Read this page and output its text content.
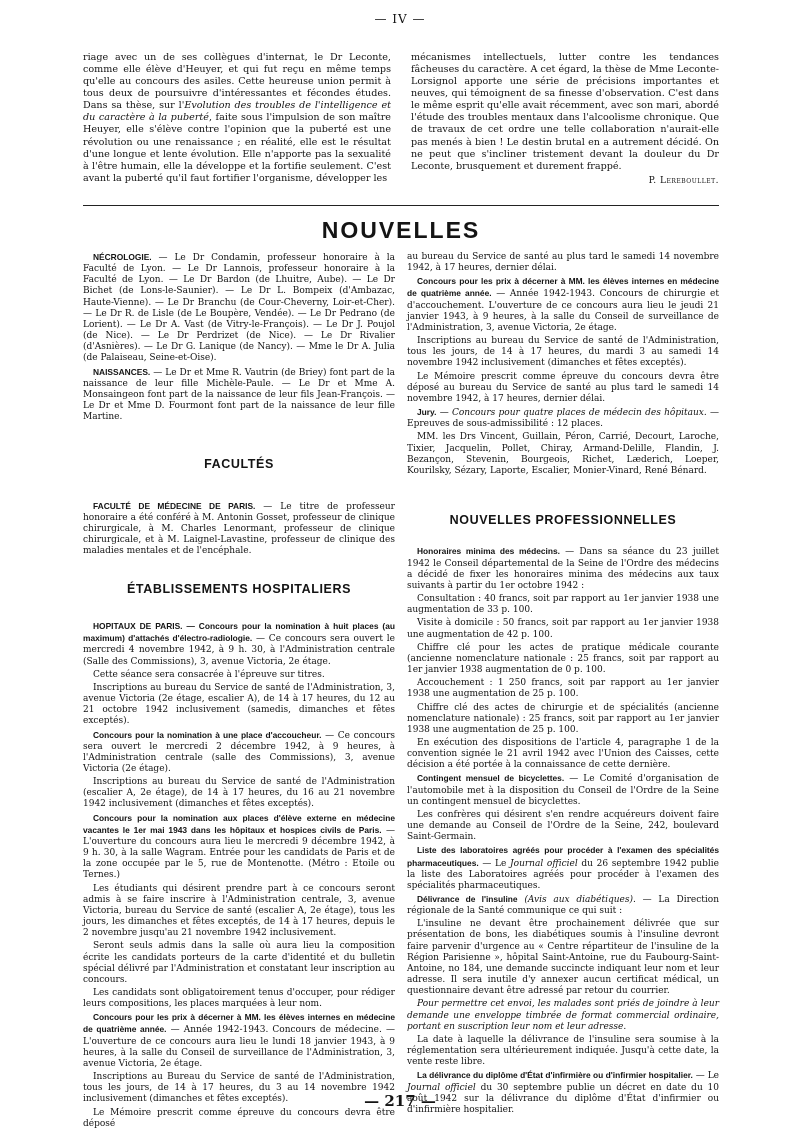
— IV —

riage avec un de ses collègues d'internat, le Dr Leconte, comme elle élève d'Heuyer, et qui fut reçu en même temps qu'elle au concours des asiles. Cette heureuse union permit à tous deux de poursuivre d'intéressantes et fécondes études. Dans sa thèse, sur l'Evolution des troubles de l'intelligence et du caractère à la puberté, faite sous l'impulsion de son maître Heuyer, elle s'élève contre l'opinion que la puberté est une révolution ou une renaissance ; en réalité, elle est le résultat d'une longue et lente évolution. Elle n'apporte pas la sexualité à l'être humain, elle la développe et la fortifie seulement. C'est avant la puberté qu'il faut fortifier l'organisme, développer les

mécanismes intellectuels, lutter contre les tendances fâcheuses du caractère. A cet égard, la thèse de Mme Leconte-Lorsignol apporte une série de précisions importantes et neuves, qui témoignent de sa finesse d'observation. C'est dans le même esprit qu'elle avait récemment, avec son mari, abordé l'étude des troubles mentaux dans l'alcoolisme chronique. Que de travaux de cet ordre une telle collaboration n'aurait-elle pas menés à bien ! Le destin brutal en a autrement décidé. On ne peut que s'incliner tristement devant la douleur du Dr Leconte, brusquement et durement frappé.

P. Lereboullet.
NOUVELLES

NÉCROLOGIE. — Le Dr Condamin, professeur honoraire à la Faculté de Lyon. — Le Dr Lannois, professeur honoraire à la Faculté de Lyon. — Le Dr Bardon (de Lhuitre, Aube). — Le Dr Bichet (de Lons-le-Saunier). — Le Dr L. Bompeix (d'Ambazac, Haute-Vienne). — Le Dr Branchu (de Cour-Cheverny, Loir-et-Cher). — Le Dr R. de Lisle (de Le Boupère, Vendée). — Le Dr Pedrano (de Lorient). — Le Dr A. Vast (de Vitry-le-François). — Le Dr J. Poujol (de Nice). — Le Dr Perdrizet (de Nice). — Le Dr Rivalier (d'Asnières). — Le Dr G. Lanique (de Nancy). — Mme le Dr A. Julia (de Palaiseau, Seine-et-Oise).

NAISSANCES. — Le Dr et Mme R. Vautrin (de Briey) font part de la naissance de leur fille Michèle-Paule. — Le Dr et Mme A. Monsaingeon font part de la naissance de leur fils Jean-François. — Le Dr et Mme D. Fourmont font part de la naissance de leur fille Martine.

FACULTÉS

FACULTÉ DE MÉDECINE DE PARIS. — Le titre de professeur honoraire a été conféré à M. Antonin Gosset, professeur de clinique chirurgicale, à M. Charles Lenormant, professeur de clinique chirurgicale, et à M. Laignel-Lavastine, professeur de clinique des maladies mentales et de l'encéphale.

ÉTABLISSEMENTS HOSPITALIERS

HOPITAUX DE PARIS. — Concours pour la nomination à huit places (au maximum) d'attachés d'électro-radiologie. — Ce concours sera ouvert le mercredi 4 novembre 1942, à 9 h. 30, à l'Administration centrale (Salle des Commissions), 3, avenue Victoria, 2e étage.

Cette séance sera consacrée à l'épreuve sur titres.

Inscriptions au bureau du Service de santé de l'Administration, 3, avenue Victoria (2e étage, escalier A), de 14 à 17 heures, du 12 au 21 octobre 1942 inclusivement (samedis, dimanches et fêtes exceptés).

Concours pour la nomination à une place d'accoucheur. — Ce concours sera ouvert le mercredi 2 décembre 1942, à 9 heures, à l'Administration centrale (salle des Commissions), 3, avenue Victoria (2e étage).

Inscriptions au bureau du Service de santé de l'Administration (escalier A, 2e étage), de 14 à 17 heures, du 16 au 21 novembre 1942 inclusivement (dimanches et fêtes exceptés).

Concours pour la nomination aux places d'élève externe en médecine vacantes le 1er mai 1943 dans les hôpitaux et hospices civils de Paris. — L'ouverture du concours aura lieu le mercredi 9 décembre 1942, à 9 h. 30, à la salle Wagram. Entrée pour les candidats de Paris et de la zone occupée par le 5, rue de Montenotte. (Métro : Etoile ou Ternes.)

Les étudiants qui désirent prendre part à ce concours seront admis à se faire inscrire à l'Administration centrale, 3, avenue Victoria, bureau du Service de santé (escalier A, 2e étage), tous les jours, les dimanches et fêtes exceptés, de 14 à 17 heures, depuis le 2 novembre jusqu'au 21 novembre 1942 inclusivement.

Seront seuls admis dans la salle où aura lieu la composition écrite les candidats porteurs de la carte d'identité et du bulletin spécial délivré par l'Administration et constatant leur inscription au concours.

Les candidats sont obligatoirement tenus d'occuper, pour rédiger leurs compositions, les places marquées à leur nom.

Concours pour les prix à décerner à MM. les élèves internes en médecine de quatrième année. — Année 1942-1943. Concours de médecine. — L'ouverture de ce concours aura lieu le lundi 18 janvier 1943, à 9 heures, à la salle du Conseil de surveillance de l'Administration, 3, avenue Victoria, 2e étage.

Inscriptions au Bureau du Service de santé de l'Administration, tous les jours, de 14 à 17 heures, du 3 au 14 novembre 1942 inclusivement (dimanches et fêtes exceptés).

Le Mémoire prescrit comme épreuve du concours devra être déposé

au bureau du Service de santé au plus tard le samedi 14 novembre 1942, à 17 heures, dernier délai.

Concours pour les prix à décerner à MM. les élèves internes en médecine de quatrième année. — Année 1942-1943. Concours de chirurgie et d'accouchement. L'ouverture de ce concours aura lieu le jeudi 21 janvier 1943, à 9 heures, à la salle du Conseil de surveillance de l'Administration, 3, avenue Victoria, 2e étage.

Inscriptions au bureau du Service de santé de l'Administration, tous les jours, de 14 à 17 heures, du mardi 3 au samedi 14 novembre 1942 inclusivement (dimanches et fêtes exceptés).

Le Mémoire prescrit comme épreuve du concours devra être déposé au bureau du Service de santé au plus tard le samedi 14 novembre 1942, à 17 heures, dernier délai.

Jury. — Concours pour quatre places de médecin des hôpitaux. — Epreuves de sous-admissibilité : 12 places.

MM. les Drs Vincent, Guillain, Péron, Carrié, Decourt, Laroche, Tixier, Jacquelin, Pollet, Chiray, Armand-Delille, Flandin, J. Bezançon, Stevenin, Bourgeois, Richet, Læderich, Loeper, Kourilsky, Sézary, Laporte, Escalier, Monier-Vinard, René Bénard.

NOUVELLES PROFESSIONNELLES

Honoraires minima des médecins. — Dans sa séance du 23 juillet 1942 le Conseil départemental de la Seine de l'Ordre des médecins a décidé de fixer les honoraires minima des médecins aux taux suivants à partir du 1er octobre 1942 :

Consultation : 40 francs, soit par rapport au 1er janvier 1938 une augmentation de 33 p. 100.

Visite à domicile : 50 francs, soit par rapport au 1er janvier 1938 une augmentation de 42 p. 100.

Chiffre clé pour les actes de pratique médicale courante (ancienne nomenclature nationale : 25 francs, soit par rapport au 1er janvier 1938 augmentation de 0 p. 100.

Accouchement : 1 250 francs, soit par rapport au 1er janvier 1938 une augmentation de 25 p. 100.

Chiffre clé des actes de chirurgie et de spécialités (ancienne nomenclature nationale) : 25 francs, soit par rapport au 1er janvier 1938 une augmentation de 25 p. 100.

En exécution des dispositions de l'article 4, paragraphe 1 de la convention signée le 21 avril 1942 avec l'Union des Caisses, cette décision a été portée à la connaissance de cette dernière.

Contingent mensuel de bicyclettes. — Le Comité d'organisation de l'automobile met à la disposition du Conseil de l'Ordre de la Seine un contingent mensuel de bicyclettes.

Les confrères qui désirent s'en rendre acquéreurs doivent faire une demande au Conseil de l'Ordre de la Seine, 242, boulevard Saint-Germain.

Liste des laboratoires agréés pour procéder à l'examen des spécialités pharmaceutiques. — Le Journal officiel du 26 septembre 1942 publie la liste des Laboratoires agréés pour procéder à l'examen des spécialités pharmaceutiques.

Délivrance de l'insuline (Avis aux diabétiques). — La Direction régionale de la Santé communique ce qui suit :

L'insuline ne devant être prochainement délivrée que sur présentation de bons, les diabétiques soumis à l'insuline devront faire parvenir d'urgence au « Centre répartiteur de l'insuline de la Région Parisienne », hôpital Saint-Antoine, rue du Faubourg-Saint-Antoine, no 184, une demande succincte indiquant leur nom et leur adresse. Il sera inutile d'y annexer aucun certificat médical, un questionnaire devant être adressé par retour du courrier.

Pour permettre cet envoi, les malades sont priés de joindre à leur demande une enveloppe timbrée de format commercial ordinaire, portant en suscription leur nom et leur adresse.

La date à laquelle la délivrance de l'insuline sera soumise à la réglementation sera ultérieurement indiquée. Jusqu'à cette date, la vente reste libre.

La délivrance du diplôme d'État d'infirmière ou d'infirmier hospitalier. — Le Journal officiel du 30 septembre publie un décret en date du 10 août 1942 sur la délivrance du diplôme d'État d'infirmier ou d'infirmière hospitalier.

— 217 —
